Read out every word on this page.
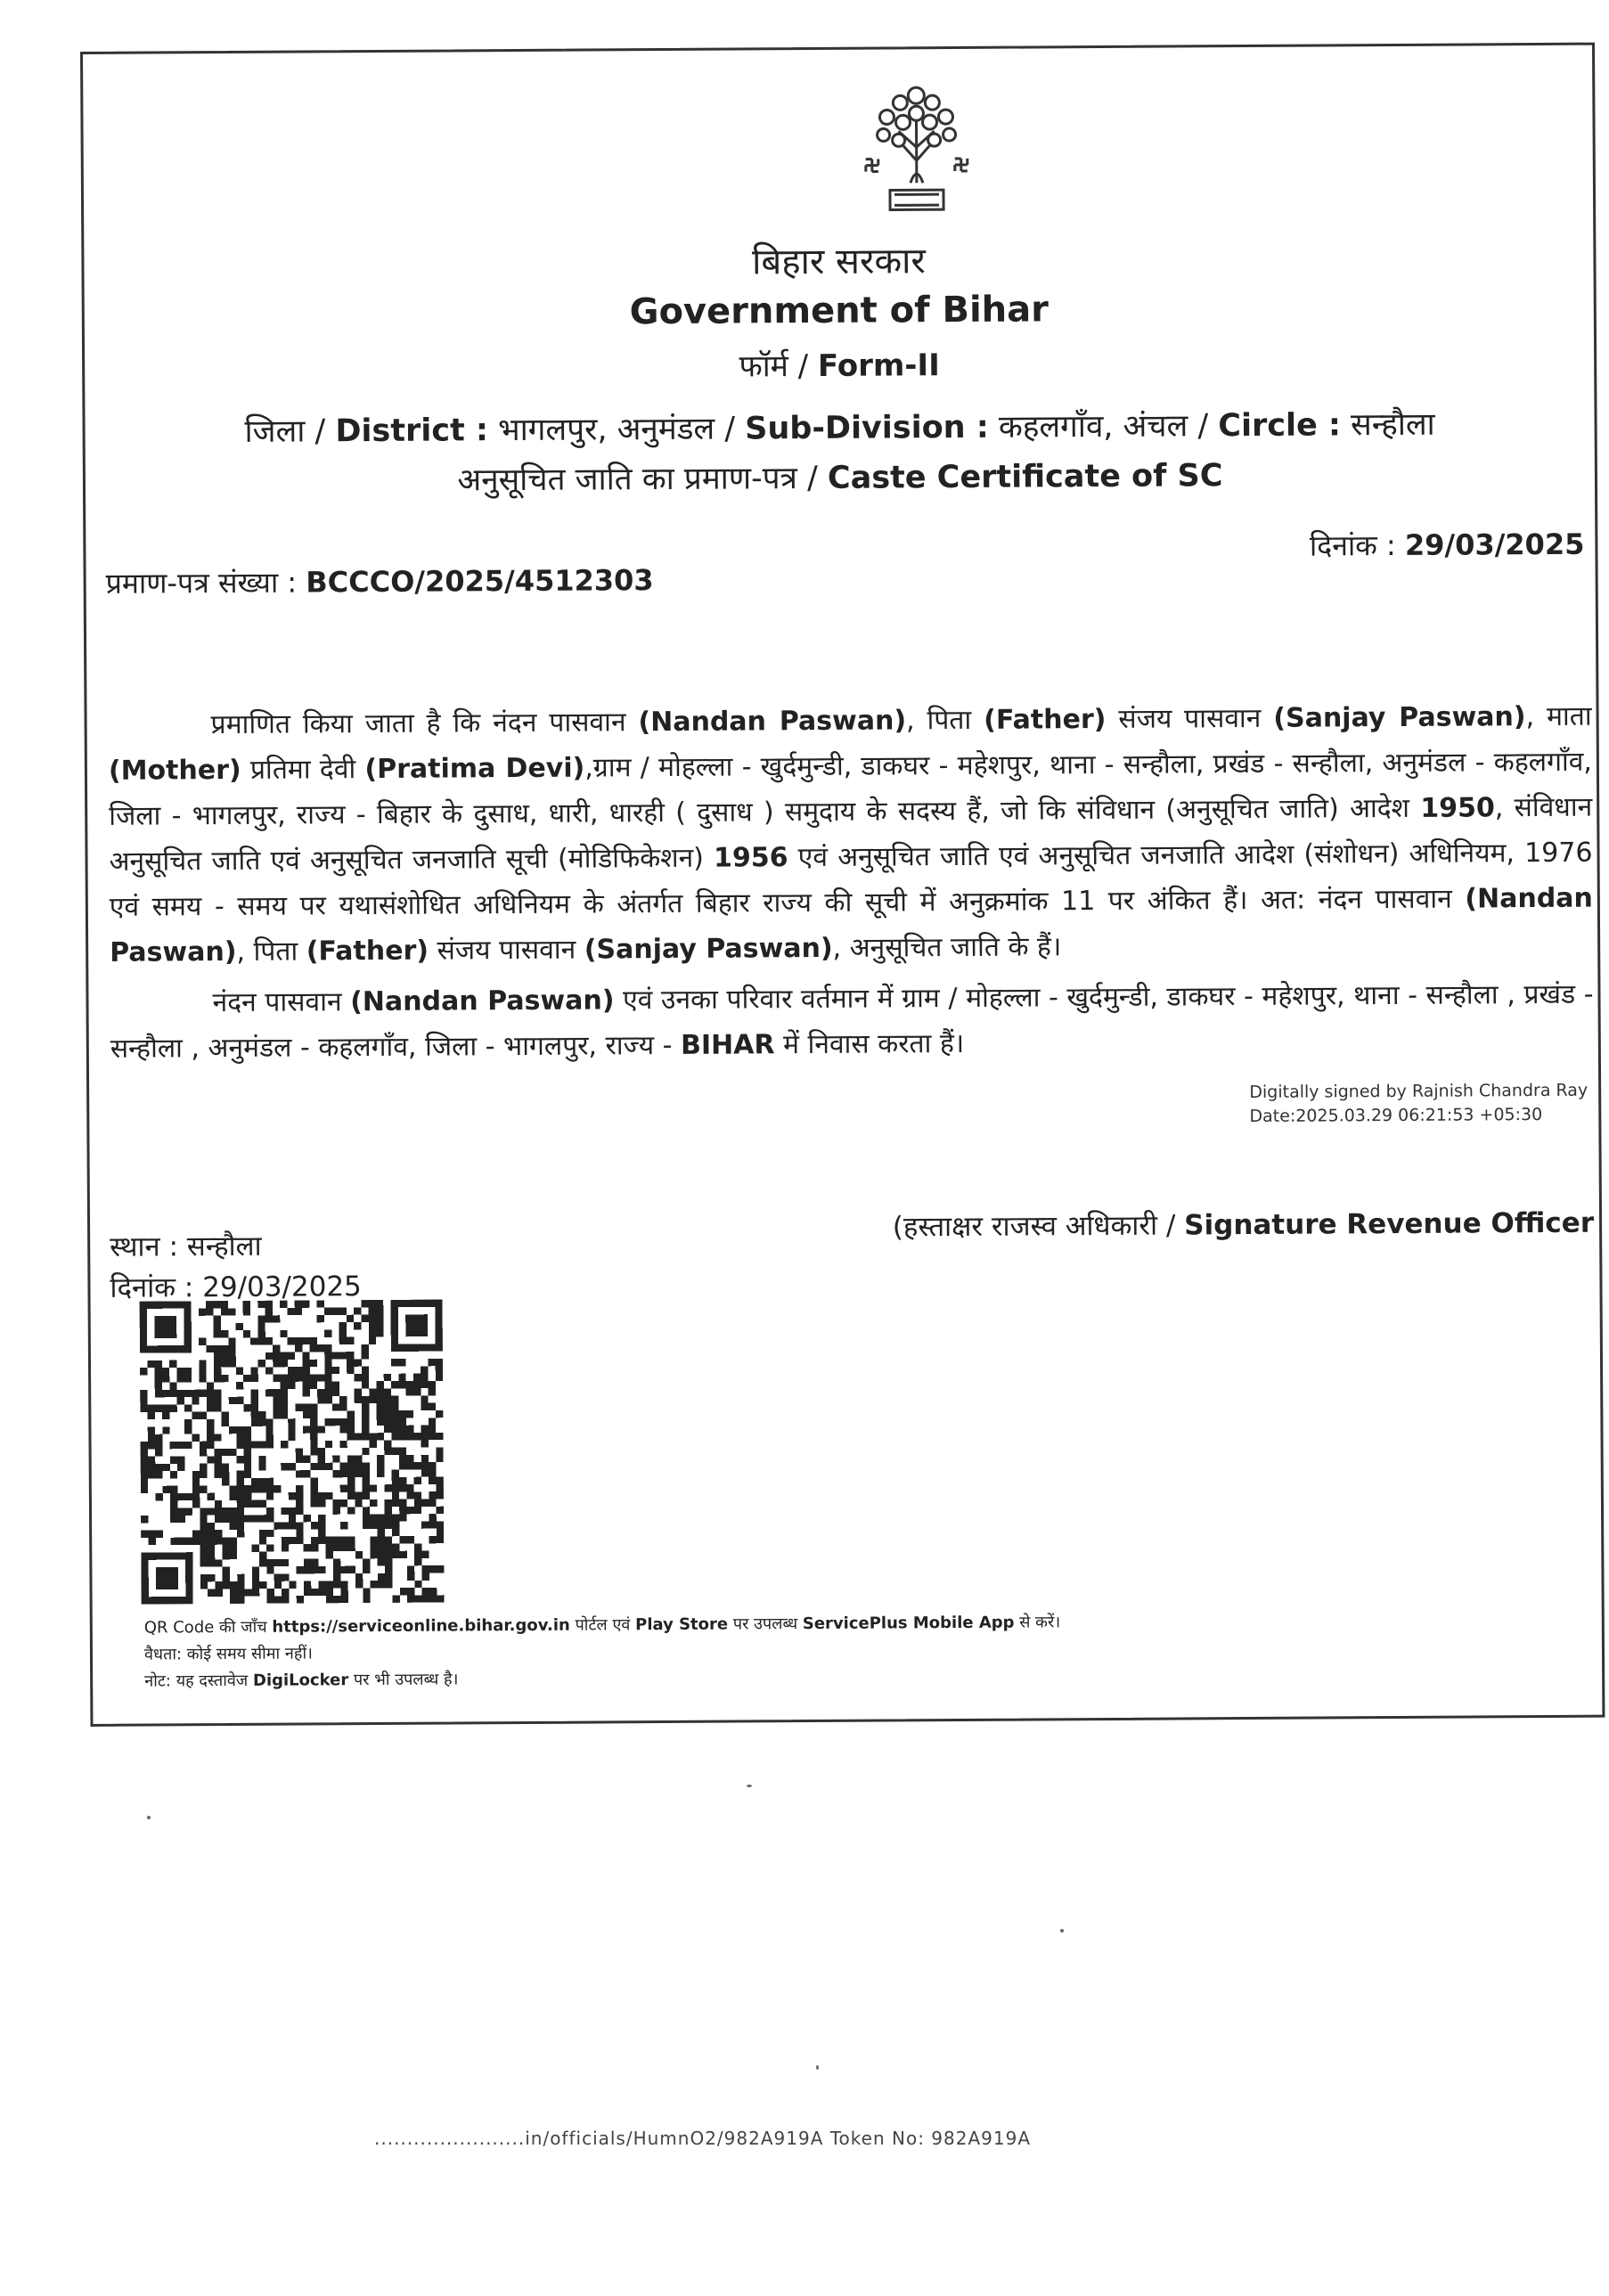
बिहार सरकार
Government of Bihar
फॉर्म / Form-II
जिला / District : भागलपुर, अनुमंडल / Sub-Division : कहलगाँव, अंचल / Circle : सन्हौला
अनुसूचित जाति का प्रमाण-पत्र / Caste Certificate of SC
दिनांक : 29/03/2025
प्रमाण-पत्र संख्या : BCCCO/2025/4512303

प्रमाणित किया जाता है कि नंदन पासवान (Nandan Paswan), पिता (Father) संजय पासवान (Sanjay Paswan), माता (Mother) प्रतिमा देवी (Pratima Devi),ग्राम / मोहल्ला - खुर्दमुन्डी, डाकघर - महेशपुर, थाना - सन्हौला, प्रखंड - सन्हौला, अनुमंडल - कहलगाँव, जिला - भागलपुर, राज्य - बिहार के दुसाध, धारी, धारही ( दुसाध ) समुदाय के सदस्य हैं, जो कि संविधान (अनुसूचित जाति) आदेश 1950, संविधान अनुसूचित जाति एवं अनुसूचित जनजाति सूची (मोडिफिकेशन) 1956 एवं अनुसूचित जाति एवं अनुसूचित जनजाति आदेश (संशोधन) अधिनियम, 1976 एवं समय - समय पर यथासंशोधित अधिनियम के अंतर्गत बिहार राज्य की सूची में अनुक्रमांक 11 पर अंकित हैं। अत: नंदन पासवान (Nandan Paswan), पिता (Father) संजय पासवान (Sanjay Paswan), अनुसूचित जाति के हैं।

नंदन पासवान (Nandan Paswan) एवं उनका परिवार वर्तमान में ग्राम / मोहल्ला - खुर्दमुन्डी, डाकघर - महेशपुर, थाना - सन्हौला , प्रखंड - सन्हौला , अनुमंडल - कहलगाँव, जिला - भागलपुर, राज्य - BIHAR में निवास करता हैं।

Digitally signed by Rajnish Chandra Ray
Date:2025.03.29 06:21:53 +05:30
(हस्ताक्षर राजस्व अधिकारी / Signature Revenue Officer
स्थान : सन्हौला
दिनांक : 29/03/2025
QR Code की जाँच https://serviceonline.bihar.gov.in पोर्टल एवं Play Store पर उपलब्ध ServicePlus Mobile App से करें।
वैधता: कोई समय सीमा नहीं।
नोट: यह दस्तावेज DigiLocker पर भी उपलब्ध है।
.......................in/officials/HumnO2/982A919A Token No: 982A919A
